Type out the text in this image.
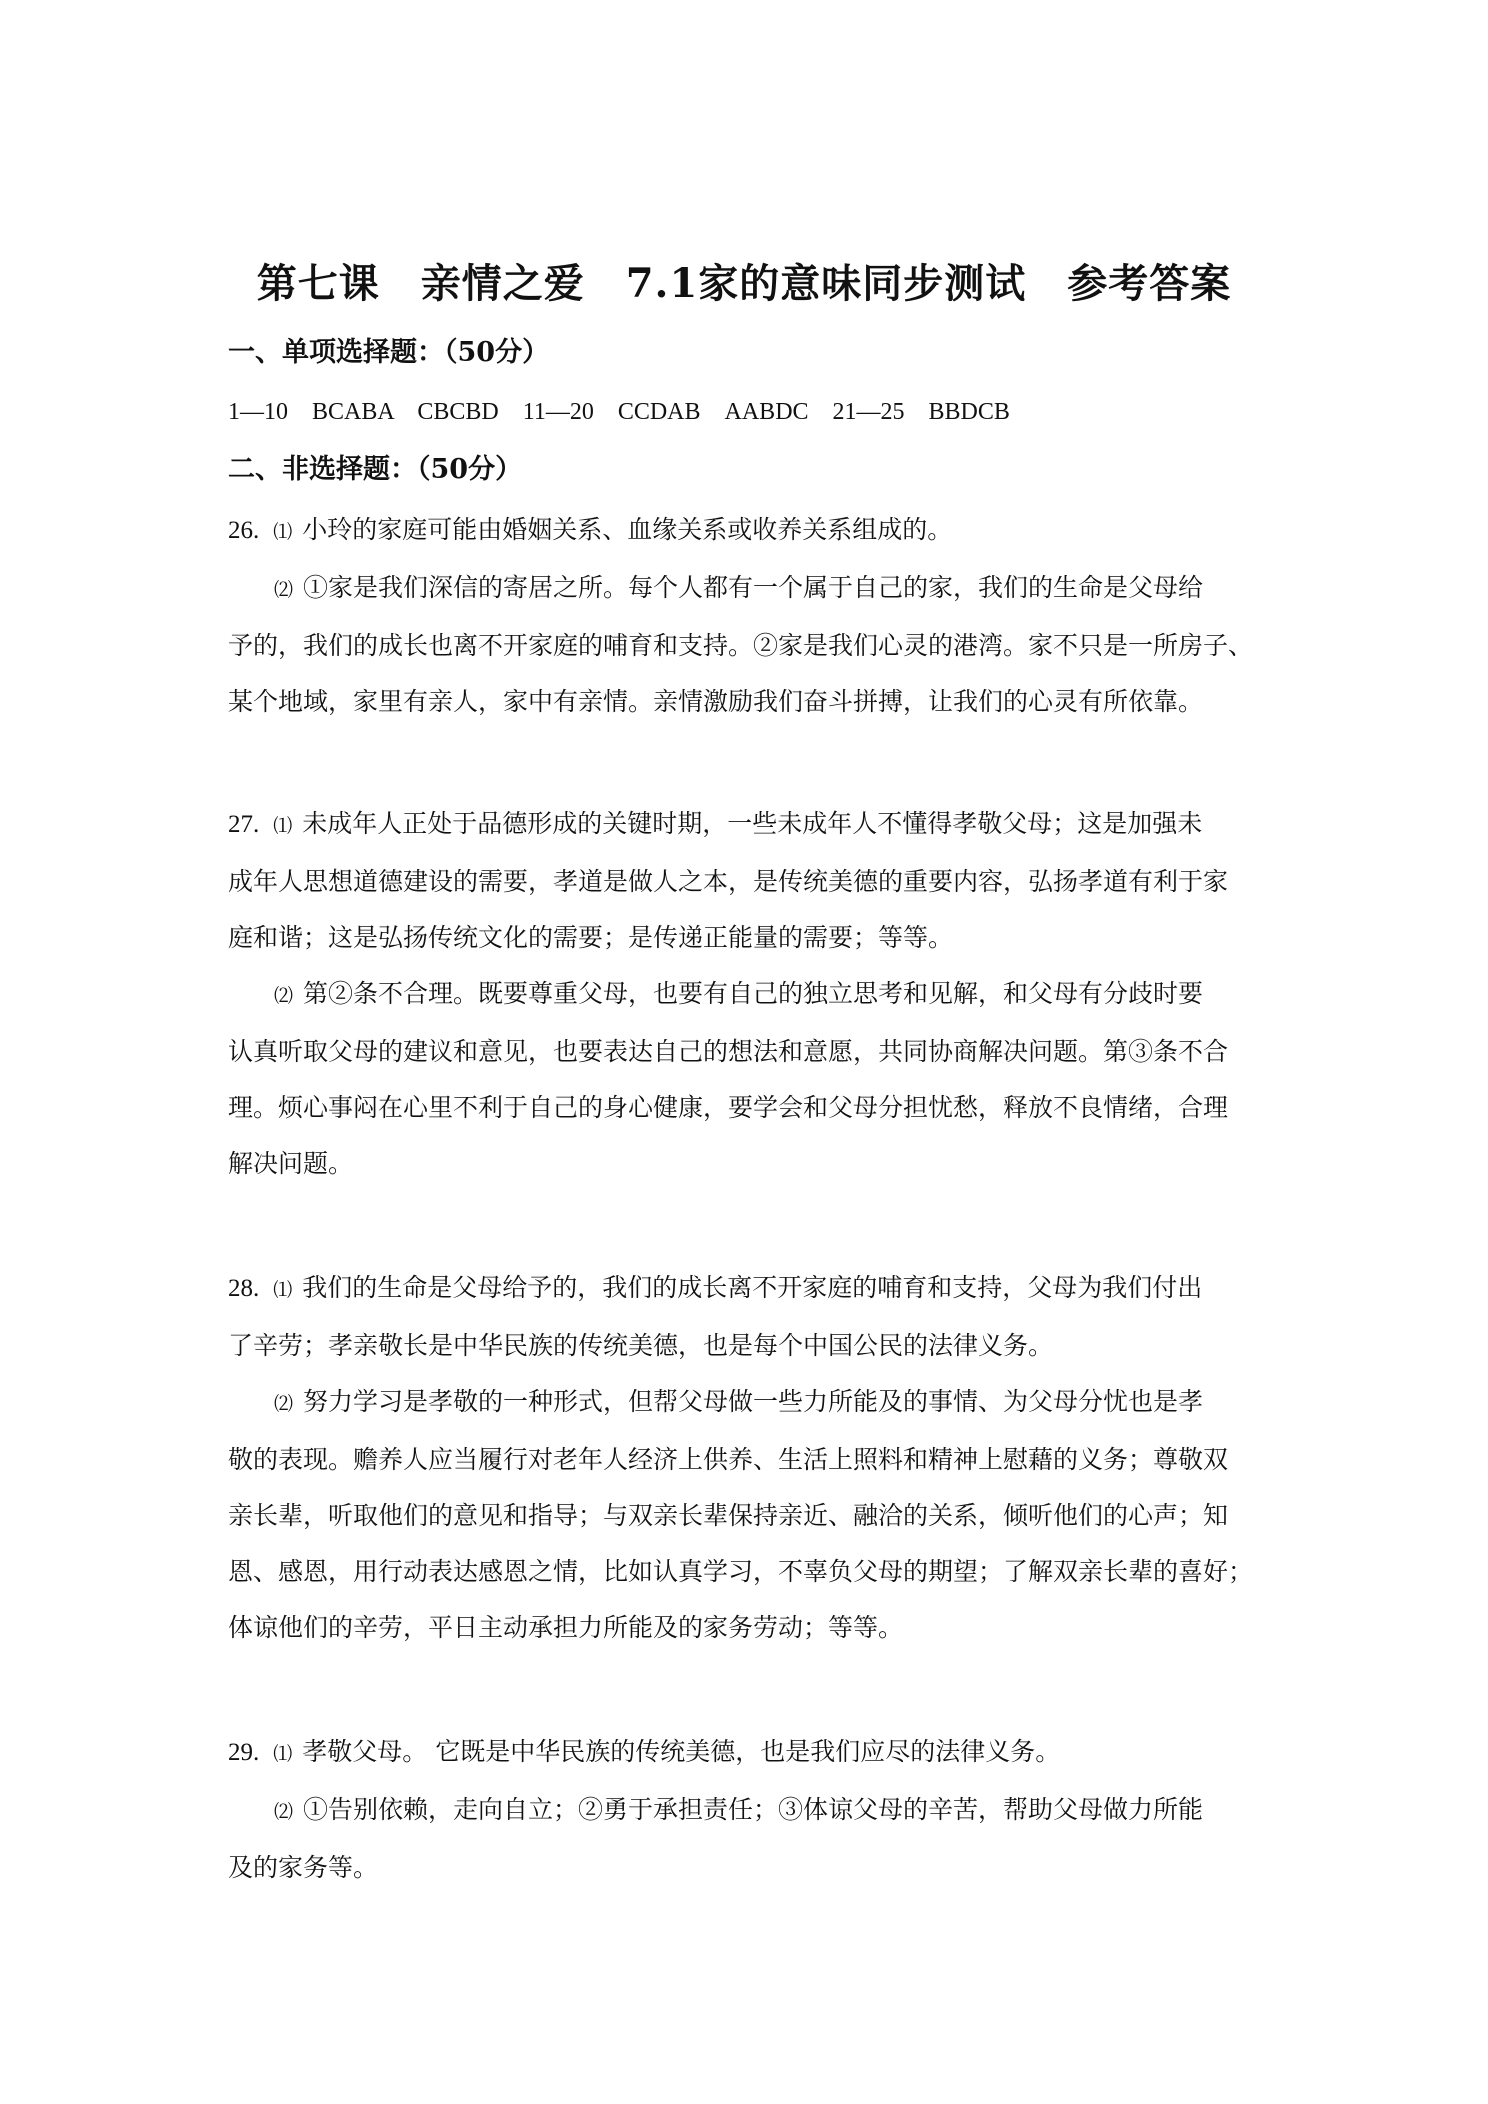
第七课　亲情之爱　7.1家的意味同步测试　参考答案
一、单项选择题：（50分）
1—10　BCABA　CBCBD　11—20　CCDAB　AABDC　21—25　BBDCB
二、非选择题：（50分）
26. ⑴ 小玲的家庭可能由婚姻关系、血缘关系或收养关系组成的。
⑵ ①家是我们深信的寄居之所。每个人都有一个属于自己的家，我们的生命是父母给
予的，我们的成长也离不开家庭的哺育和支持。②家是我们心灵的港湾。家不只是一所房子、
某个地域，家里有亲人，家中有亲情。亲情激励我们奋斗拼搏，让我们的心灵有所依靠。
27. ⑴ 未成年人正处于品德形成的关键时期，一些未成年人不懂得孝敬父母；这是加强未
成年人思想道德建设的需要，孝道是做人之本，是传统美德的重要内容，弘扬孝道有利于家
庭和谐；这是弘扬传统文化的需要；是传递正能量的需要；等等。
⑵ 第②条不合理。既要尊重父母，也要有自己的独立思考和见解，和父母有分歧时要
认真听取父母的建议和意见，也要表达自己的想法和意愿，共同协商解决问题。第③条不合
理。烦心事闷在心里不利于自己的身心健康，要学会和父母分担忧愁，释放不良情绪，合理
解决问题。
28. ⑴ 我们的生命是父母给予的，我们的成长离不开家庭的哺育和支持，父母为我们付出
了辛劳；孝亲敬长是中华民族的传统美德，也是每个中国公民的法律义务。
⑵ 努力学习是孝敬的一种形式，但帮父母做一些力所能及的事情、为父母分忧也是孝
敬的表现。赡养人应当履行对老年人经济上供养、生活上照料和精神上慰藉的义务；尊敬双
亲长辈，听取他们的意见和指导；与双亲长辈保持亲近、融洽的关系，倾听他们的心声；知
恩、感恩，用行动表达感恩之情，比如认真学习，不辜负父母的期望；了解双亲长辈的喜好；
体谅他们的辛劳，平日主动承担力所能及的家务劳动；等等。
29. ⑴ 孝敬父母。 它既是中华民族的传统美德，也是我们应尽的法律义务。
⑵ ①告别依赖，走向自立；②勇于承担责任；③体谅父母的辛苦，帮助父母做力所能
及的家务等。
